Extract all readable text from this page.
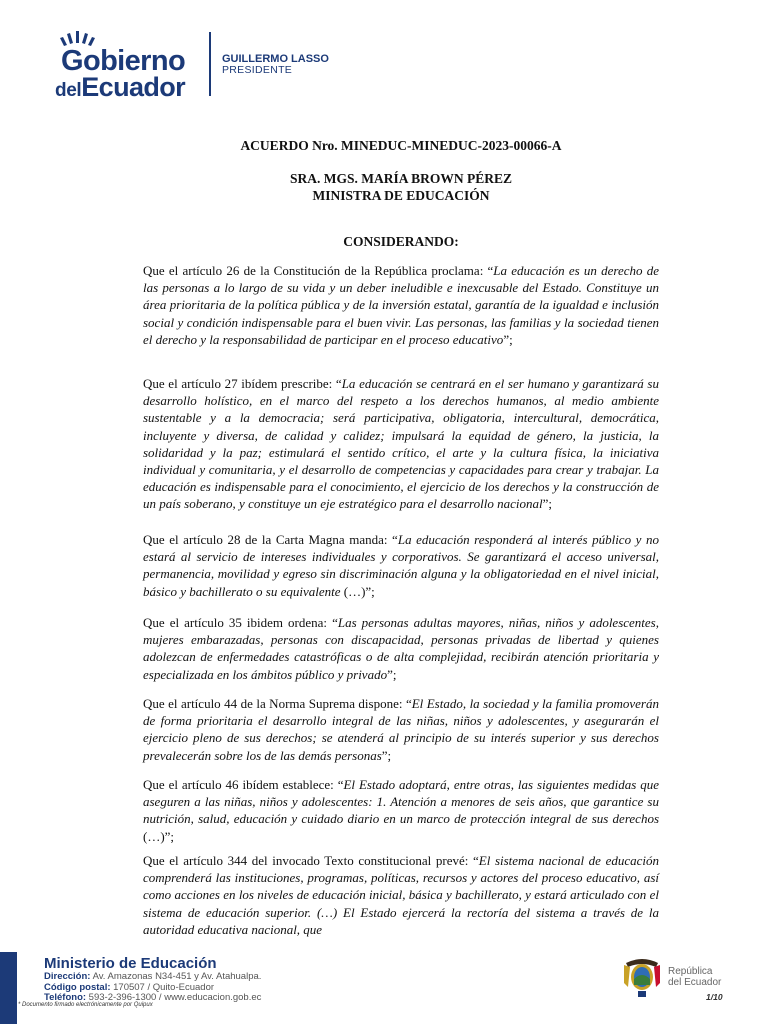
Gobierno
delEcuador
GUILLERMO LASSO
PRESIDENTE
ACUERDO Nro. MINEDUC-MINEDUC-2023-00066-A
SRA. MGS. MARÍA BROWN PÉREZ
MINISTRA DE EDUCACIÓN
CONSIDERANDO:

Que el artículo 26 de la Constitución de la República proclama: “La educación es un derecho de las personas a lo largo de su vida y un deber ineludible e inexcusable del Estado. Constituye un área prioritaria de la política pública y de la inversión estatal, garantía de la igualdad e inclusión social y condición indispensable para el buen vivir. Las personas, las familias y la sociedad tienen el derecho y la responsabilidad de participar en el proceso educativo”;

Que el artículo 27 ibídem prescribe: “La educación se centrará en el ser humano y garantizará su desarrollo holístico, en el marco del respeto a los derechos humanos, al medio ambiente sustentable y a la democracia; será participativa, obligatoria, intercultural, democrática, incluyente y diversa, de calidad y calidez; impulsará la equidad de género, la justicia, la solidaridad y la paz; estimulará el sentido crítico, el arte y la cultura física, la iniciativa individual y comunitaria, y el desarrollo de competencias y capacidades para crear y trabajar. La educación es indispensable para el conocimiento, el ejercicio de los derechos y la construcción de un país soberano, y constituye un eje estratégico para el desarrollo nacional”;

Que el artículo 28 de la Carta Magna manda: “La educación responderá al interés público y no estará al servicio de intereses individuales y corporativos. Se garantizará el acceso universal, permanencia, movilidad y egreso sin discriminación alguna y la obligatoriedad en el nivel inicial, básico y bachillerato o su equivalente (…)”;

Que el artículo 35 ibidem ordena: “Las personas adultas mayores, niñas, niños y adolescentes, mujeres embarazadas, personas con discapacidad, personas privadas de libertad y quienes adolezcan de enfermedades catastróficas o de alta complejidad, recibirán atención prioritaria y especializada en los ámbitos público y privado”;

Que el artículo 44 de la Norma Suprema dispone: “El Estado, la sociedad y la familia promoverán de forma prioritaria el desarrollo integral de las niñas, niños y adolescentes, y asegurarán el ejercicio pleno de sus derechos; se atenderá al principio de su interés superior y sus derechos prevalecerán sobre los de las demás personas”;

Que el artículo 46 ibídem establece: “El Estado adoptará, entre otras, las siguientes medidas que aseguren a las niñas, niños y adolescentes: 1. Atención a menores de seis años, que garantice su nutrición, salud, educación y cuidado diario en un marco de protección integral de sus derechos (…)”;

Que el artículo 344 del invocado Texto constitucional prevé: “El sistema nacional de educación comprenderá las instituciones, programas, políticas, recursos y actores del proceso educativo, así como acciones en los niveles de educación inicial, básica y bachillerato, y estará articulado con el sistema de educación superior. (…) El Estado ejercerá la rectoría del sistema a través de la autoridad educativa nacional, que

Ministerio de Educación
Dirección: Av. Amazonas N34-451 y Av. Atahualpa.
Código postal: 170507 / Quito-Ecuador
Teléfono: 593-2-396-1300 / www.educacion.gob.ec
* Documento firmado electrónicamente por Quipux
República
del Ecuador
1/10
